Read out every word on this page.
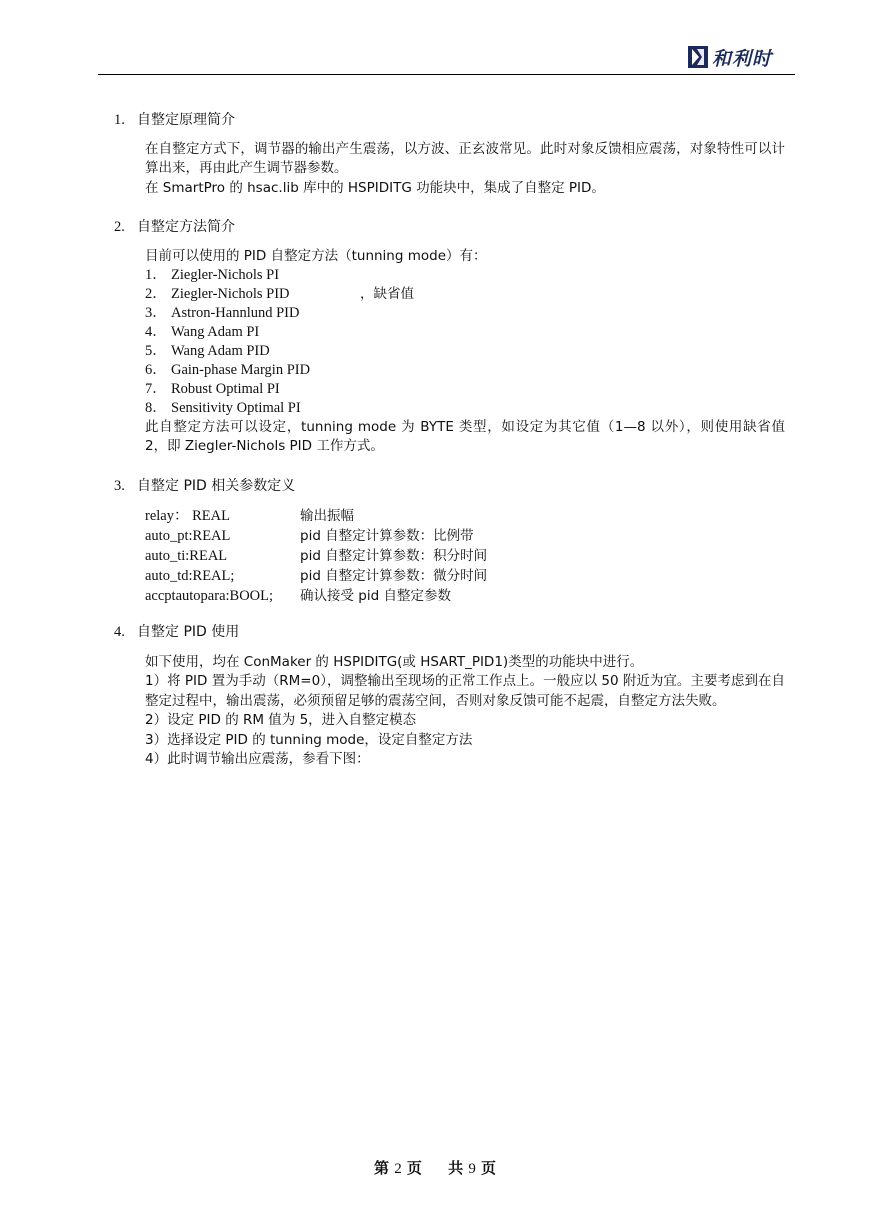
和利时
1. 自整定原理简介

在自整定方式下，调节器的输出产生震荡，以方波、正玄波常见。此时对象反馈相应震荡，对象特性可以计算出来，再由此产生调节器参数。

在 SmartPro 的 hsac.lib 库中的 HSPIDITG 功能块中，集成了自整定 PID。

2. 自整定方法简介
目前可以使用的 PID 自整定方法（tunning mode）有：
1． Ziegler-Nichols PI
2． Ziegler-Nichols PID	，缺省值
3． Astron-Hannlund PID
4． Wang Adam PI
5． Wang Adam PID
6． Gain-phase Margin PID
7． Robust Optimal PI
8． Sensitivity Optimal PI
此自整定方法可以设定，tunning mode 为 BYTE 类型，如设定为其它值（1—8 以外），则使用缺省值 2，即 Ziegler-Nichols PID 工作方式。
3. 自整定 PID 相关参数定义
relay： REAL	输出振幅
auto_pt:REAL	pid 自整定计算参数：比例带
auto_ti:REAL	pid 自整定计算参数：积分时间
auto_td:REAL;	pid 自整定计算参数：微分时间
accptautopara:BOOL; 确认接受 pid 自整定参数
4. 自整定 PID 使用

如下使用，均在 ConMaker 的 HSPIDITG(或 HSART_PID1)类型的功能块中进行。

1）将 PID 置为手动（RM=0），调整输出至现场的正常工作点上。一般应以 50 附近为宜。主要考虑到在自整定过程中，输出震荡，必须预留足够的震荡空间，否则对象反馈可能不起震，自整定方法失败。

2）设定 PID 的 RM 值为 5，进入自整定模态

3）选择设定 PID 的 tunning mode，设定自整定方法

4）此时调节输出应震荡，参看下图：

第 2 页 共 9 页
